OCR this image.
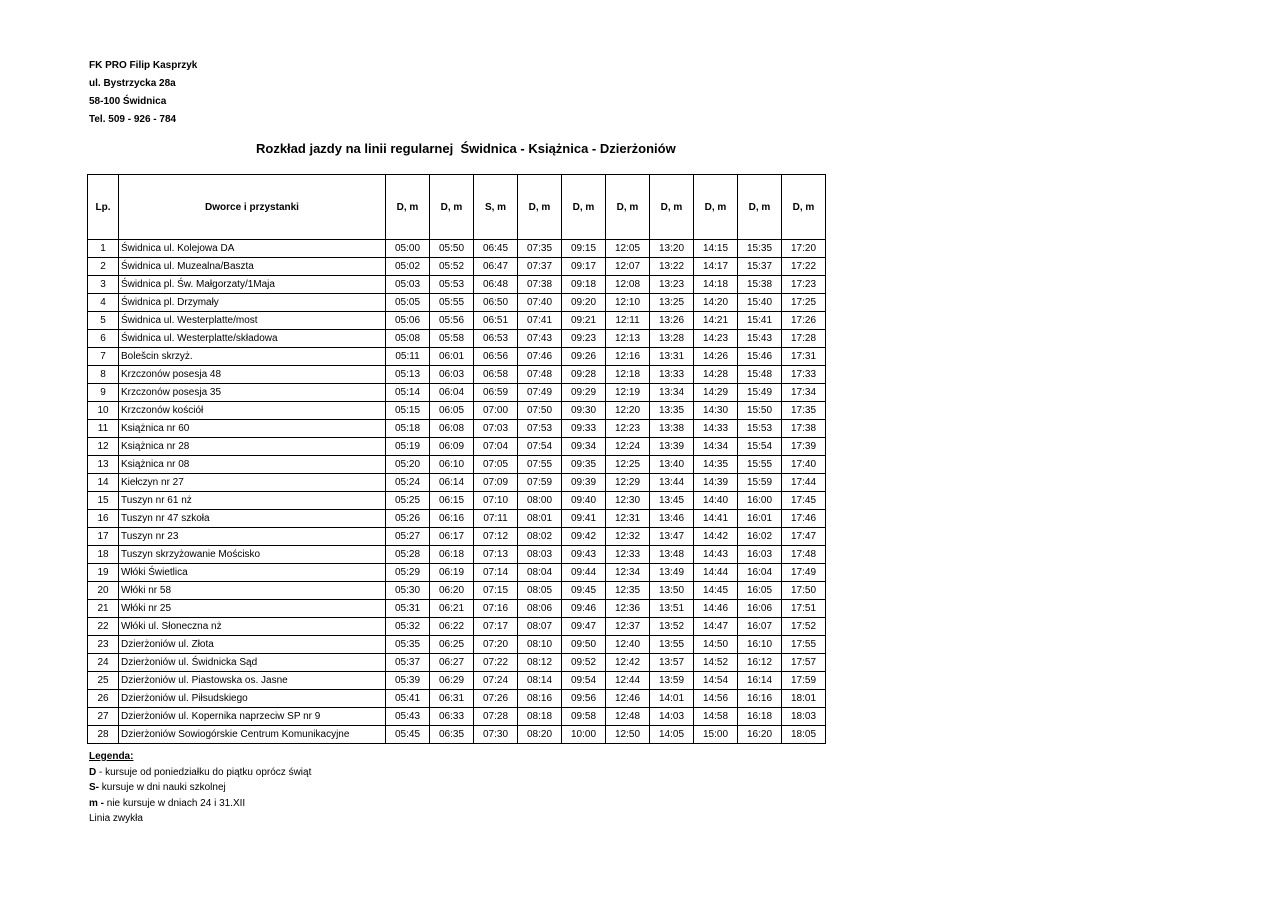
FK PRO Filip Kasprzyk
ul. Bystrzycka 28a
58-100 Świdnica
Tel. 509 - 926 - 784
Rozkład jazdy na linii regularnej  Świdnica - Książnica - Dzierżoniów
Lp.	Dworce i przystanki	D, m	D, m	S, m	D, m	D, m	D, m	D, m	D, m	D, m	D, m
1	Świdnica ul. Kolejowa DA	05:00	05:50	06:45	07:35	09:15	12:05	13:20	14:15	15:35	17:20
2	Świdnica ul. Muzealna/Baszta	05:02	05:52	06:47	07:37	09:17	12:07	13:22	14:17	15:37	17:22
3	Świdnica pl. Św. Małgorzaty/1Maja	05:03	05:53	06:48	07:38	09:18	12:08	13:23	14:18	15:38	17:23
4	Świdnica pl. Drzymały	05:05	05:55	06:50	07:40	09:20	12:10	13:25	14:20	15:40	17:25
5	Świdnica ul. Westerplatte/most	05:06	05:56	06:51	07:41	09:21	12:11	13:26	14:21	15:41	17:26
6	Świdnica ul. Westerplatte/składowa	05:08	05:58	06:53	07:43	09:23	12:13	13:28	14:23	15:43	17:28
7	Bolešcin skrzyż.	05:11	06:01	06:56	07:46	09:26	12:16	13:31	14:26	15:46	17:31
8	Krzczonów posesja 48	05:13	06:03	06:58	07:48	09:28	12:18	13:33	14:28	15:48	17:33
9	Krzczonów posesja 35	05:14	06:04	06:59	07:49	09:29	12:19	13:34	14:29	15:49	17:34
10	Krzczonów kościół	05:15	06:05	07:00	07:50	09:30	12:20	13:35	14:30	15:50	17:35
11	Książnica nr 60	05:18	06:08	07:03	07:53	09:33	12:23	13:38	14:33	15:53	17:38
12	Książnica nr 28	05:19	06:09	07:04	07:54	09:34	12:24	13:39	14:34	15:54	17:39
13	Książnica nr 08	05:20	06:10	07:05	07:55	09:35	12:25	13:40	14:35	15:55	17:40
14	Kiełczyn nr 27	05:24	06:14	07:09	07:59	09:39	12:29	13:44	14:39	15:59	17:44
15	Tuszyn nr 61 nż	05:25	06:15	07:10	08:00	09:40	12:30	13:45	14:40	16:00	17:45
16	Tuszyn nr 47 szkoła	05:26	06:16	07:11	08:01	09:41	12:31	13:46	14:41	16:01	17:46
17	Tuszyn nr 23	05:27	06:17	07:12	08:02	09:42	12:32	13:47	14:42	16:02	17:47
18	Tuszyn skrzyżowanie Mościsko	05:28	06:18	07:13	08:03	09:43	12:33	13:48	14:43	16:03	17:48
19	Włóki Świetlica	05:29	06:19	07:14	08:04	09:44	12:34	13:49	14:44	16:04	17:49
20	Włóki nr 58	05:30	06:20	07:15	08:05	09:45	12:35	13:50	14:45	16:05	17:50
21	Włóki nr 25	05:31	06:21	07:16	08:06	09:46	12:36	13:51	14:46	16:06	17:51
22	Włóki ul. Słoneczna nż	05:32	06:22	07:17	08:07	09:47	12:37	13:52	14:47	16:07	17:52
23	Dzierżoniów ul. Złota	05:35	06:25	07:20	08:10	09:50	12:40	13:55	14:50	16:10	17:55
24	Dzierżoniów ul. Świdnicka Sąd	05:37	06:27	07:22	08:12	09:52	12:42	13:57	14:52	16:12	17:57
25	Dzierżoniów ul. Piastowska os. Jasne	05:39	06:29	07:24	08:14	09:54	12:44	13:59	14:54	16:14	17:59
26	Dzierżoniów ul. Piłsudskiego	05:41	06:31	07:26	08:16	09:56	12:46	14:01	14:56	16:16	18:01
27	Dzierżoniów ul. Kopernika naprzeciw SP nr 9	05:43	06:33	07:28	08:18	09:58	12:48	14:03	14:58	16:18	18:03
28	Dzierżoniów Sowiogórskie Centrum Komunikacyjne	05:45	06:35	07:30	08:20	10:00	12:50	14:05	15:00	16:20	18:05
Legenda:
D - kursuje od poniedziałku do piątku oprócz świąt
S- kursuje w dni nauki szkolnej
m - nie kursuje w dniach 24 i 31.XII
Linia zwykła
